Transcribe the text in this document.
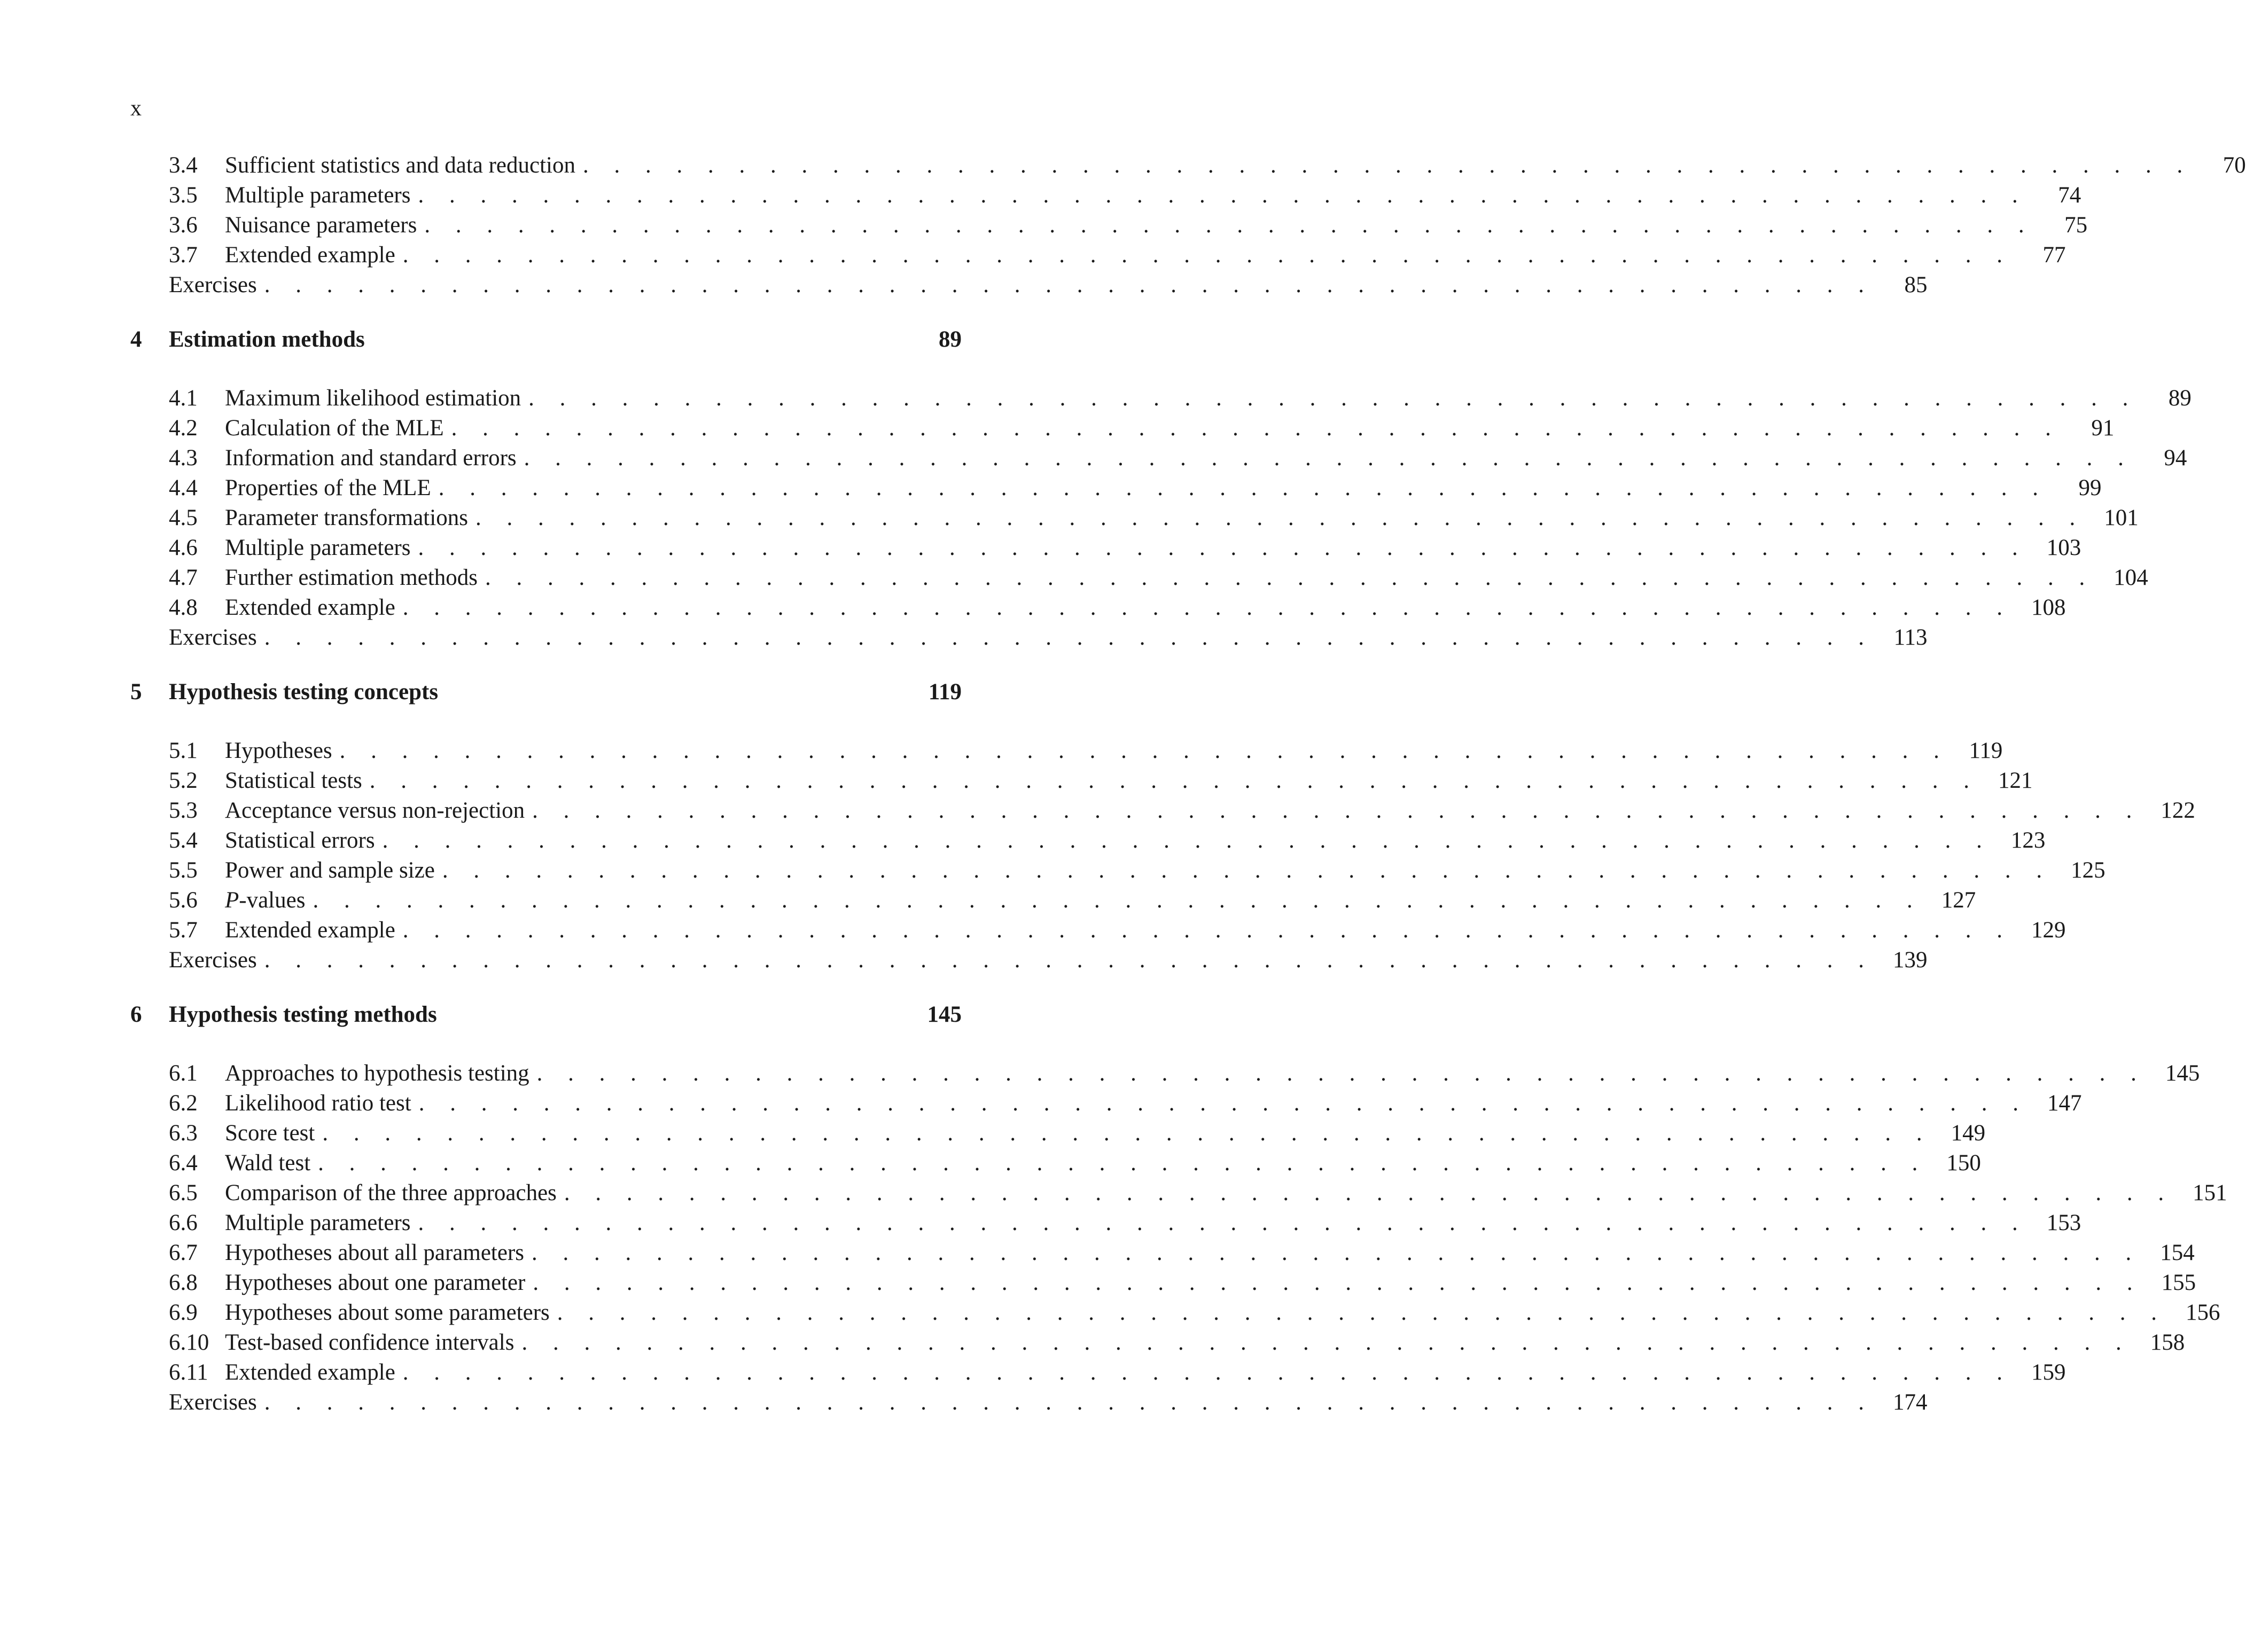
x
3.4	Sufficient statistics and data reduction . . . . . . . . . . . . . . . . . . . . . . . . . . . . . . . . . . . . . . . . . . . . . . . . . . . .	70
3.5	Multiple parameters . . . . . . . . . . . . . . . . . . . . . . . . . . . . . . . . . . . . . . . . . . . . . . . . . . . .	74
3.6	Nuisance parameters . . . . . . . . . . . . . . . . . . . . . . . . . . . . . . . . . . . . . . . . . . . . . . . . . . . .	75
3.7	Extended example . . . . . . . . . . . . . . . . . . . . . . . . . . . . . . . . . . . . . . . . . . . . . . . . . . . .	77
Exercises . . . . . . . . . . . . . . . . . . . . . . . . . . . . . . . . . . . . . . . . . . . . . . . . . . . .	85
4	Estimation methods	89
4.1	Maximum likelihood estimation . . . . . . . . . . . . . . . . . . . . . . . . . . . . . . . . . . . . . . . . . . . . . . . . . . . .	89
4.2	Calculation of the MLE . . . . . . . . . . . . . . . . . . . . . . . . . . . . . . . . . . . . . . . . . . . . . . . . . . . .	91
4.3	Information and standard errors . . . . . . . . . . . . . . . . . . . . . . . . . . . . . . . . . . . . . . . . . . . . . . . . . . . .	94
4.4	Properties of the MLE . . . . . . . . . . . . . . . . . . . . . . . . . . . . . . . . . . . . . . . . . . . . . . . . . . . .	99
4.5	Parameter transformations . . . . . . . . . . . . . . . . . . . . . . . . . . . . . . . . . . . . . . . . . . . . . . . . . . . . 101
4.6	Multiple parameters . . . . . . . . . . . . . . . . . . . . . . . . . . . . . . . . . . . . . . . . . . . . . . . . . . . . 103
4.7	Further estimation methods . . . . . . . . . . . . . . . . . . . . . . . . . . . . . . . . . . . . . . . . . . . . . . . . . . . . 104
4.8	Extended example . . . . . . . . . . . . . . . . . . . . . . . . . . . . . . . . . . . . . . . . . . . . . . . . . . . . 108
Exercises . . . . . . . . . . . . . . . . . . . . . . . . . . . . . . . . . . . . . . . . . . . . . . . . . . . . 113
5	Hypothesis testing concepts	119
5.1	Hypotheses . . . . . . . . . . . . . . . . . . . . . . . . . . . . . . . . . . . . . . . . . . . . . . . . . . . . 119
5.2	Statistical tests . . . . . . . . . . . . . . . . . . . . . . . . . . . . . . . . . . . . . . . . . . . . . . . . . . . . 121
5.3	Acceptance versus non-rejection . . . . . . . . . . . . . . . . . . . . . . . . . . . . . . . . . . . . . . . . . . . . . . . . . . . . 122
5.4	Statistical errors . . . . . . . . . . . . . . . . . . . . . . . . . . . . . . . . . . . . . . . . . . . . . . . . . . . . 123
5.5	Power and sample size . . . . . . . . . . . . . . . . . . . . . . . . . . . . . . . . . . . . . . . . . . . . . . . . . . . . 125
5.6	P-values . . . . . . . . . . . . . . . . . . . . . . . . . . . . . . . . . . . . . . . . . . . . . . . . . . . . 127
5.7	Extended example . . . . . . . . . . . . . . . . . . . . . . . . . . . . . . . . . . . . . . . . . . . . . . . . . . . . 129
Exercises . . . . . . . . . . . . . . . . . . . . . . . . . . . . . . . . . . . . . . . . . . . . . . . . . . . . 139
6	Hypothesis testing methods	145
6.1	Approaches to hypothesis testing . . . . . . . . . . . . . . . . . . . . . . . . . . . . . . . . . . . . . . . . . . . . . . . . . . . . 145
6.2	Likelihood ratio test . . . . . . . . . . . . . . . . . . . . . . . . . . . . . . . . . . . . . . . . . . . . . . . . . . . . 147
6.3	Score test . . . . . . . . . . . . . . . . . . . . . . . . . . . . . . . . . . . . . . . . . . . . . . . . . . . . 149
6.4	Wald test . . . . . . . . . . . . . . . . . . . . . . . . . . . . . . . . . . . . . . . . . . . . . . . . . . . . 150
6.5	Comparison of the three approaches . . . . . . . . . . . . . . . . . . . . . . . . . . . . . . . . . . . . . . . . . . . . . . . . . . . . 151
6.6	Multiple parameters . . . . . . . . . . . . . . . . . . . . . . . . . . . . . . . . . . . . . . . . . . . . . . . . . . . . 153
6.7	Hypotheses about all parameters . . . . . . . . . . . . . . . . . . . . . . . . . . . . . . . . . . . . . . . . . . . . . . . . . . . . 154
6.8	Hypotheses about one parameter . . . . . . . . . . . . . . . . . . . . . . . . . . . . . . . . . . . . . . . . . . . . . . . . . . . . 155
6.9	Hypotheses about some parameters . . . . . . . . . . . . . . . . . . . . . . . . . . . . . . . . . . . . . . . . . . . . . . . . . . . . 156
6.10 Test-based confidence intervals . . . . . . . . . . . . . . . . . . . . . . . . . . . . . . . . . . . . . . . . . . . . . . . . . . . . 158
6.11 Extended example . . . . . . . . . . . . . . . . . . . . . . . . . . . . . . . . . . . . . . . . . . . . . . . . . . . . 159
Exercises . . . . . . . . . . . . . . . . . . . . . . . . . . . . . . . . . . . . . . . . . . . . . . . . . . . . 174
